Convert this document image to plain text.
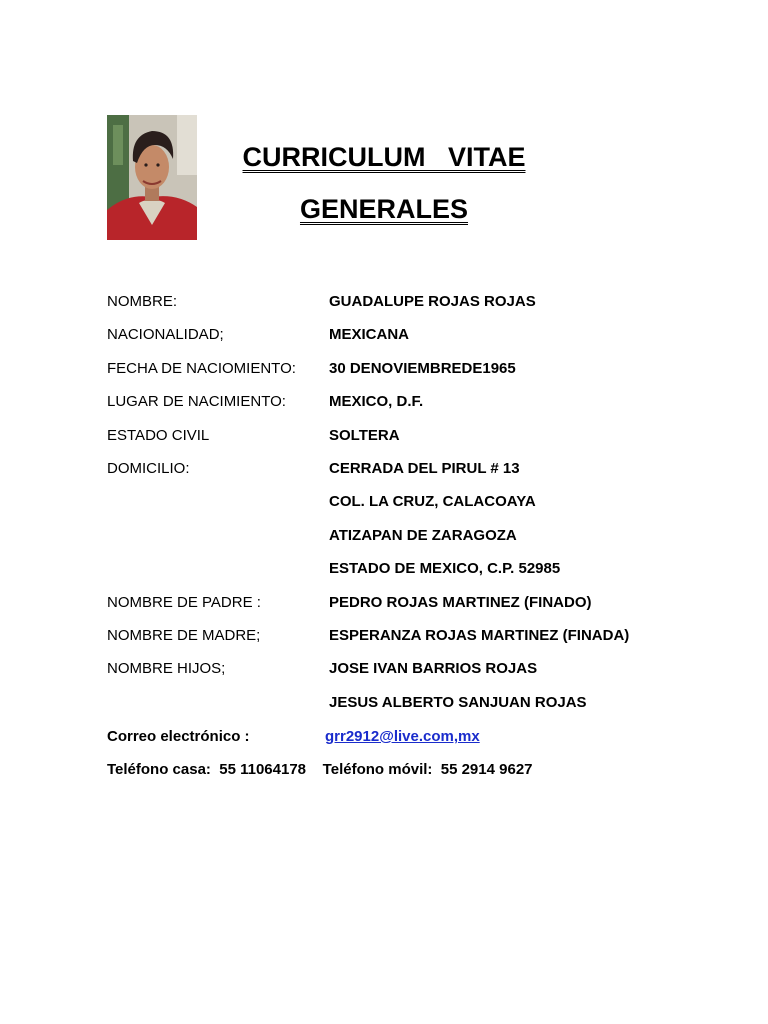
CURRICULUM   VITAE
GENERALES
NOMBRE:	GUADALUPE ROJAS ROJAS
NACIONALIDAD;	MEXICANA
FECHA DE NACIOMIENTO: 30 DENOVIEMBREDE1965
LUGAR DE NACIMIENTO:	MEXICO, D.F.
ESTADO CIVIL	SOLTERA
DOMICILIO:	CERRADA DEL PIRUL # 13
COL. LA CRUZ, CALACOAYA
ATIZAPAN DE ZARAGOZA
ESTADO DE MEXICO, C.P. 52985
NOMBRE DE PADRE :	PEDRO ROJAS MARTINEZ (FINADO)
NOMBRE DE MADRE;	ESPERANZA ROJAS MARTINEZ (FINADA)
NOMBRE HIJOS;	JOSE IVAN BARRIOS ROJAS
JESUS ALBERTO SANJUAN ROJAS
Correo electrónico :	grr2912@live.com,mx
Teléfono casa:  55 11064178    Teléfono móvil:  55 2914 9627
